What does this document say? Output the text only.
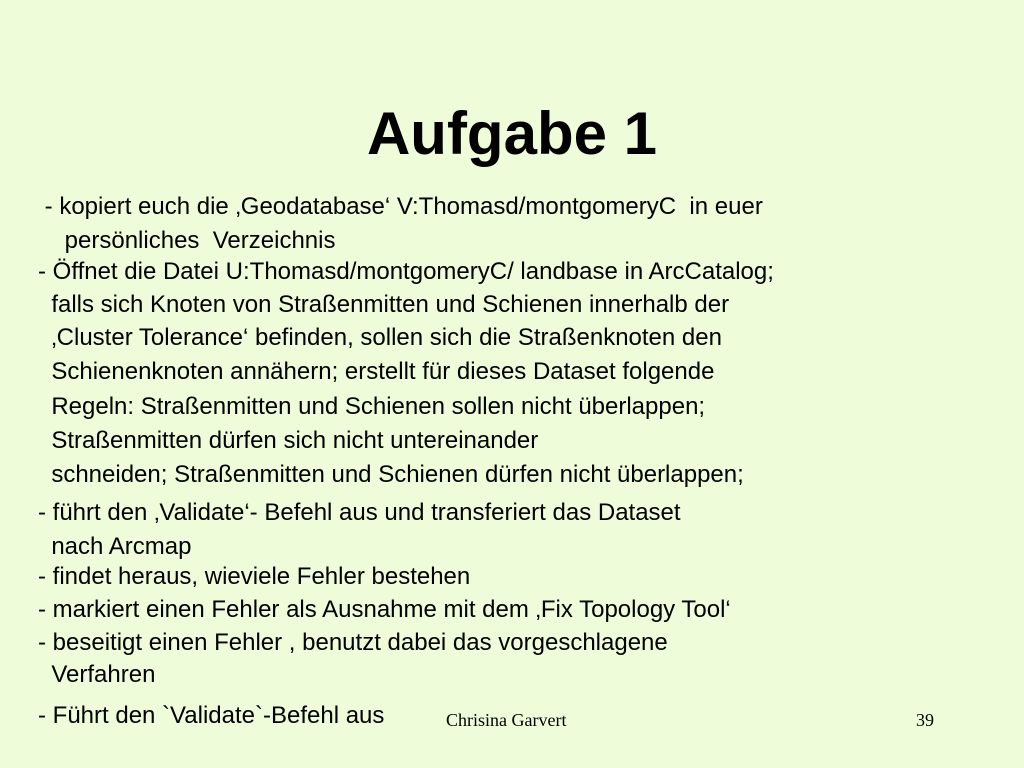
Aufgabe 1
- kopiert euch die ‚Geodatabase‘ V:Thomasd/montgomeryC  in euer
persönliches  Verzeichnis
- Öffnet die Datei U:Thomasd/montgomeryC/ landbase in ArcCatalog;
falls sich Knoten von Straßenmitten und Schienen innerhalb der
‚Cluster Tolerance‘ befinden, sollen sich die Straßenknoten den
Schienenknoten annähern; erstellt für dieses Dataset folgende
Regeln: Straßenmitten und Schienen sollen nicht überlappen;
Straßenmitten dürfen sich nicht untereinander
schneiden; Straßenmitten und Schienen dürfen nicht überlappen;
- führt den ‚Validate‘- Befehl aus und transferiert das Dataset
nach Arcmap
- findet heraus, wieviele Fehler bestehen
- markiert einen Fehler als Ausnahme mit dem ‚Fix Topology Tool‘
- beseitigt einen Fehler , benutzt dabei das vorgeschlagene
Verfahren
- Führt den `Validate`-Befehl aus	Chrisina Garvert	39
